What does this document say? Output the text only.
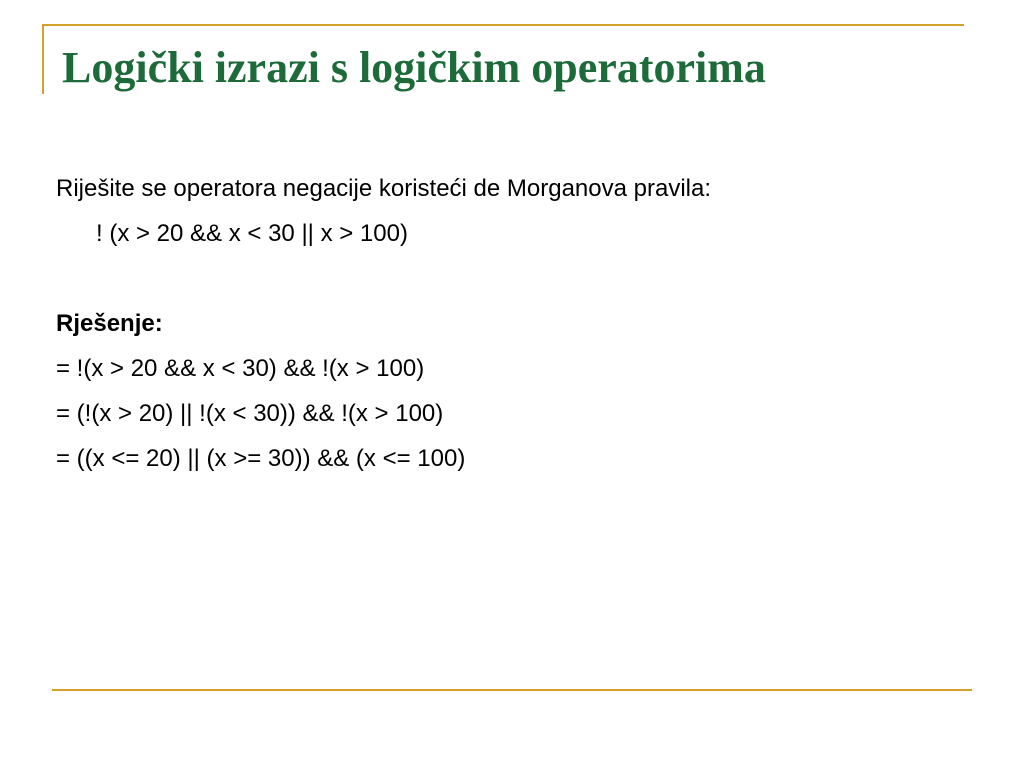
Logički izrazi s logičkim operatorima
Riješite se operatora negacije koristeći de Morganova pravila:
! (x > 20 && x < 30 || x > 100)
Rješenje:
= !(x > 20 && x < 30) && !(x > 100)
= (!(x > 20) || !(x < 30)) && !(x > 100)
= ((x <= 20) || (x >= 30)) && (x <= 100)
